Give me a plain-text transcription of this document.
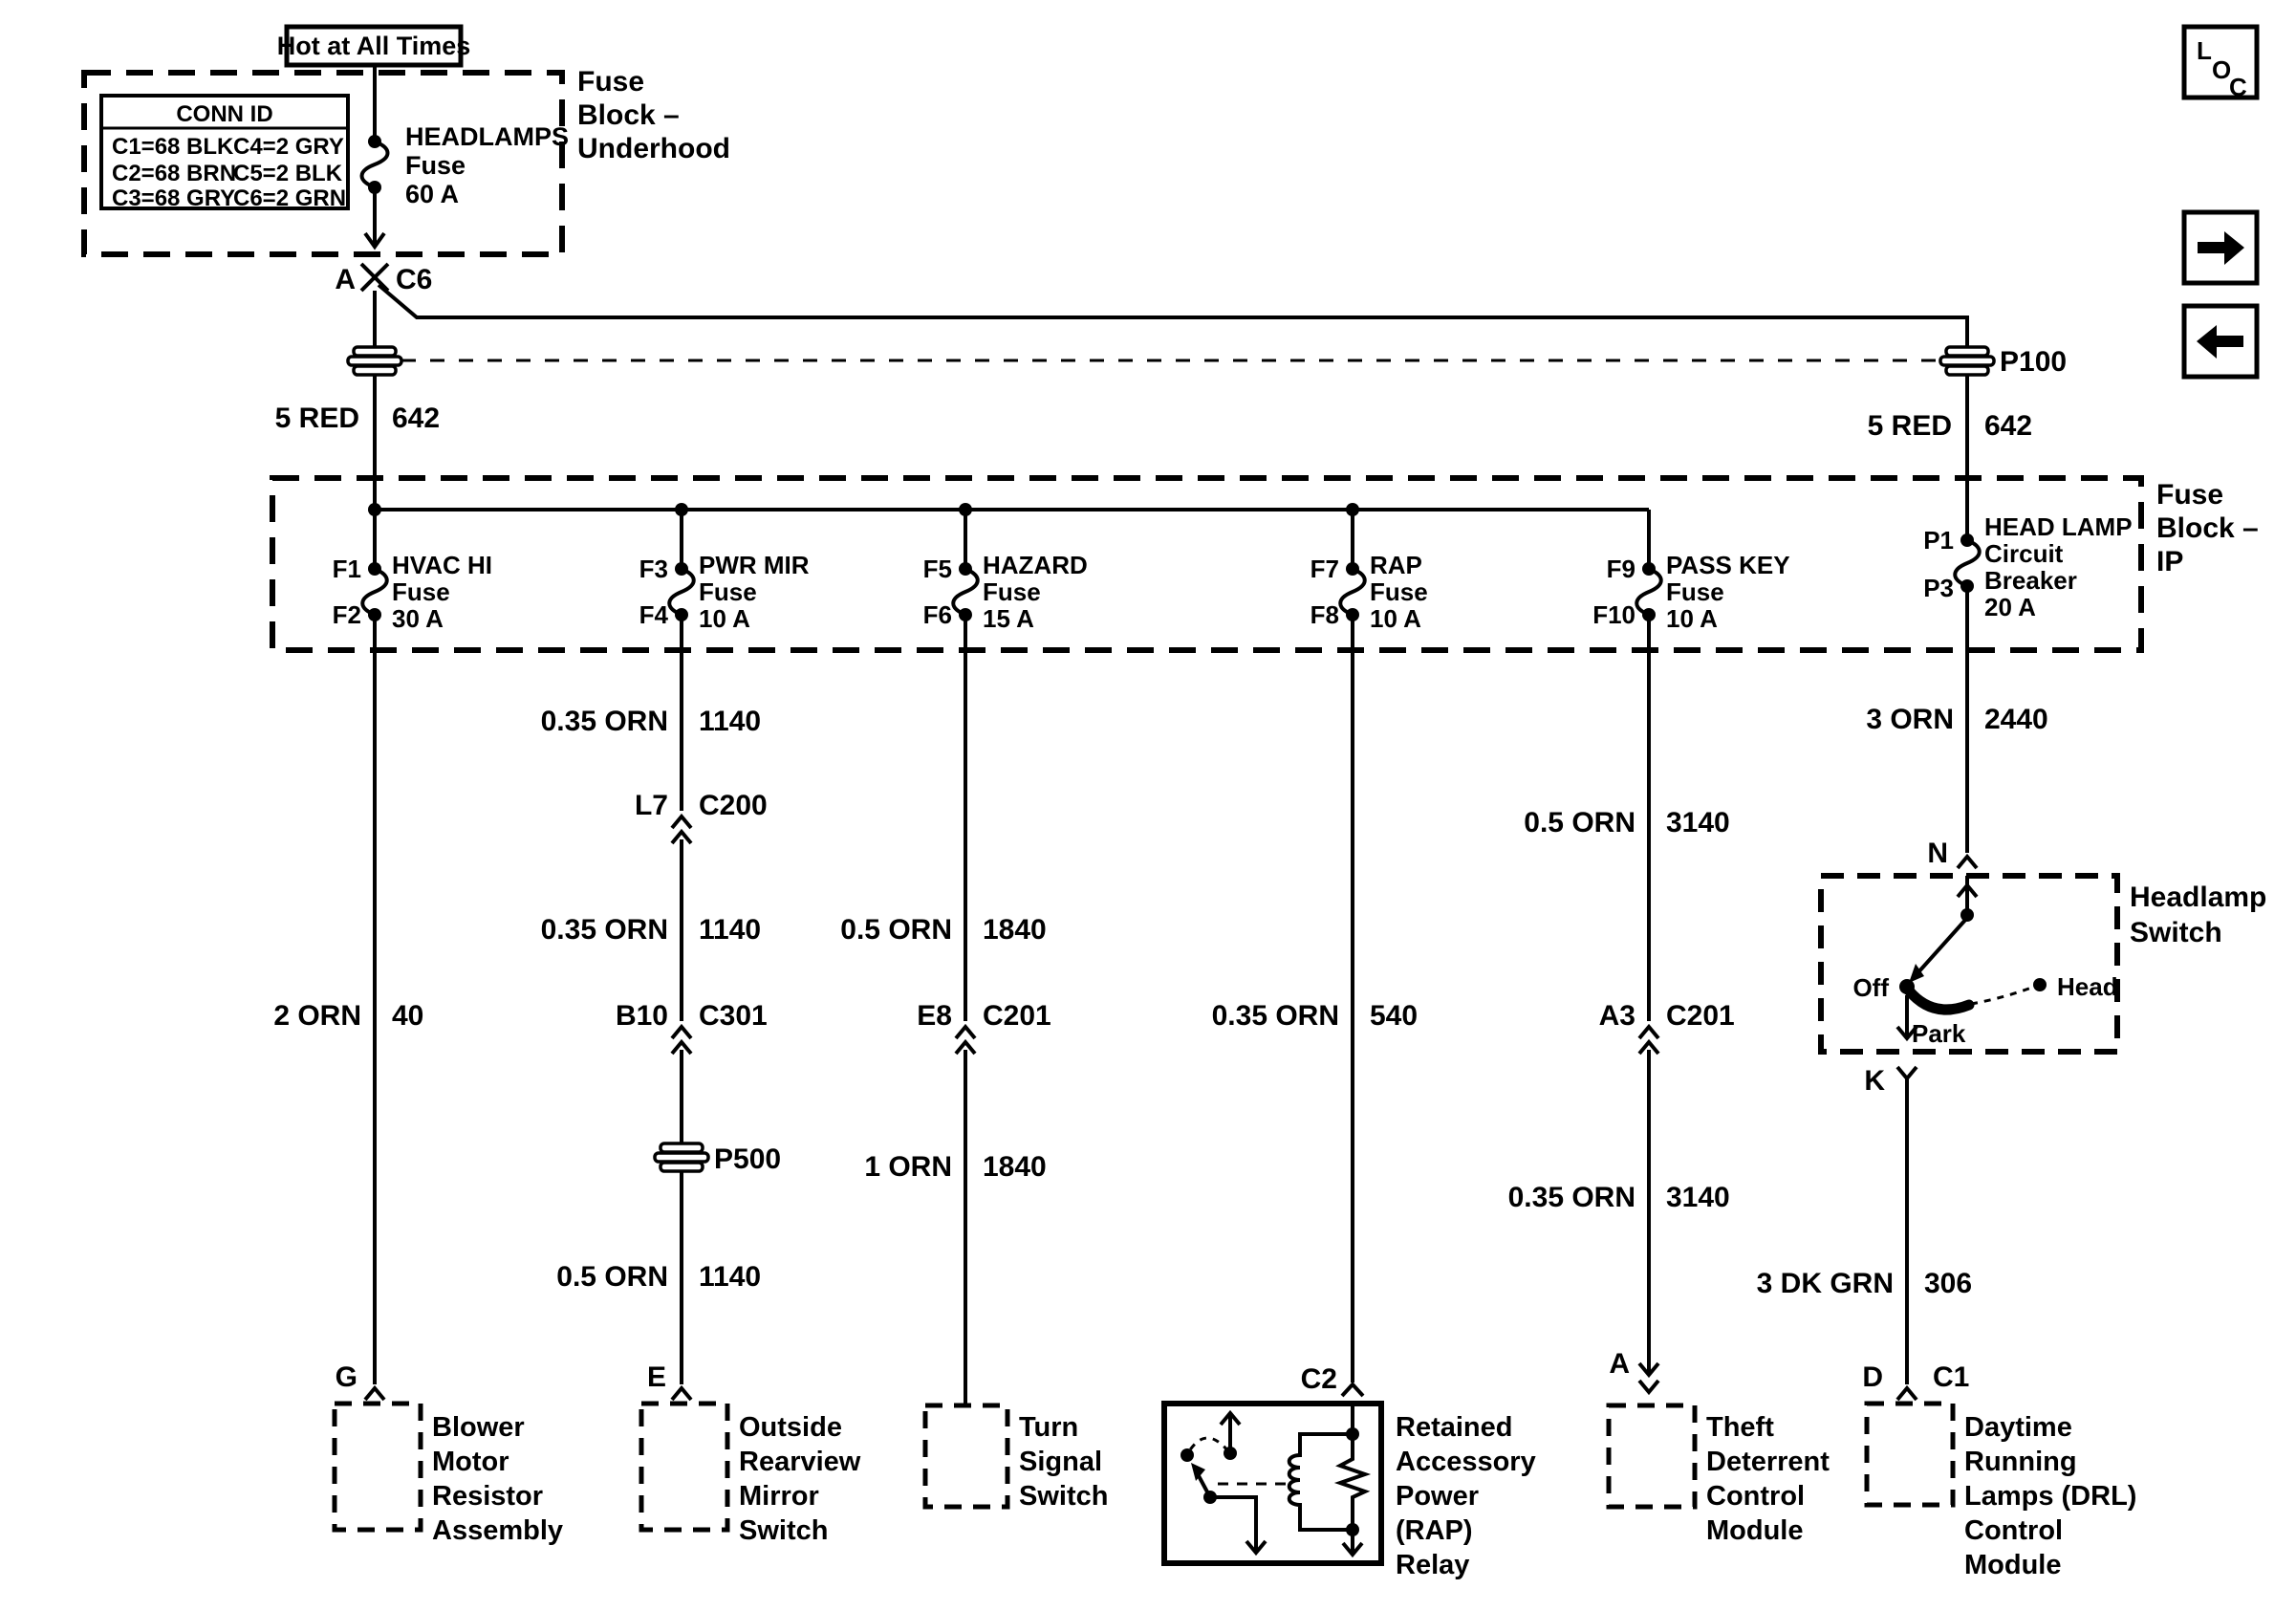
Hot at All Times
Fuse
Block –
Underhood
CONN ID
C1=68 BLK C4=2 GRY
C2=68 BRN
C5=2 BLK
C3=68 GRY
C6=2 GRN
HEADLAMPS
Fuse
60 A
A C6
P100
5 RED 642	5 RED 642
Fuse
Block –
IP
F1
F2
HVAC HI
Fuse
30 A
F3
F4
PWR MIR
Fuse
10 A
F5
F6
HAZARD
Fuse
15 A
F7
F8
RAP
Fuse
10 A
F9
F10
PASS KEY
Fuse
10 A
P1
P3
HEAD LAMP
Circuit
Breaker
20 A
2 ORN 40
G
Blower
Motor
Resistor
Assembly
P500
0.35 ORN 1140
L7 C200
0.35 ORN 1140
B10 C301
0.5 ORN 1140
E
Outside
Rearview
Mirror
Switch
0.5 ORN 1840
E8 C201
1 ORN 1840
Turn
Signal
Switch
0.35 ORN 540
C2
Retained
Accessory
Power
(RAP)
Relay
0.5 ORN 3140
A3 C201
0.35 ORN 3140
A
Theft
Deterrent
Control
Module
3 ORN 2440
N
Headlamp
Switch
Off	Head
Park
K
3 DK GRN 306
D C1
Daytime
Running
Lamps (DRL)
Control
Module
L
O
C
